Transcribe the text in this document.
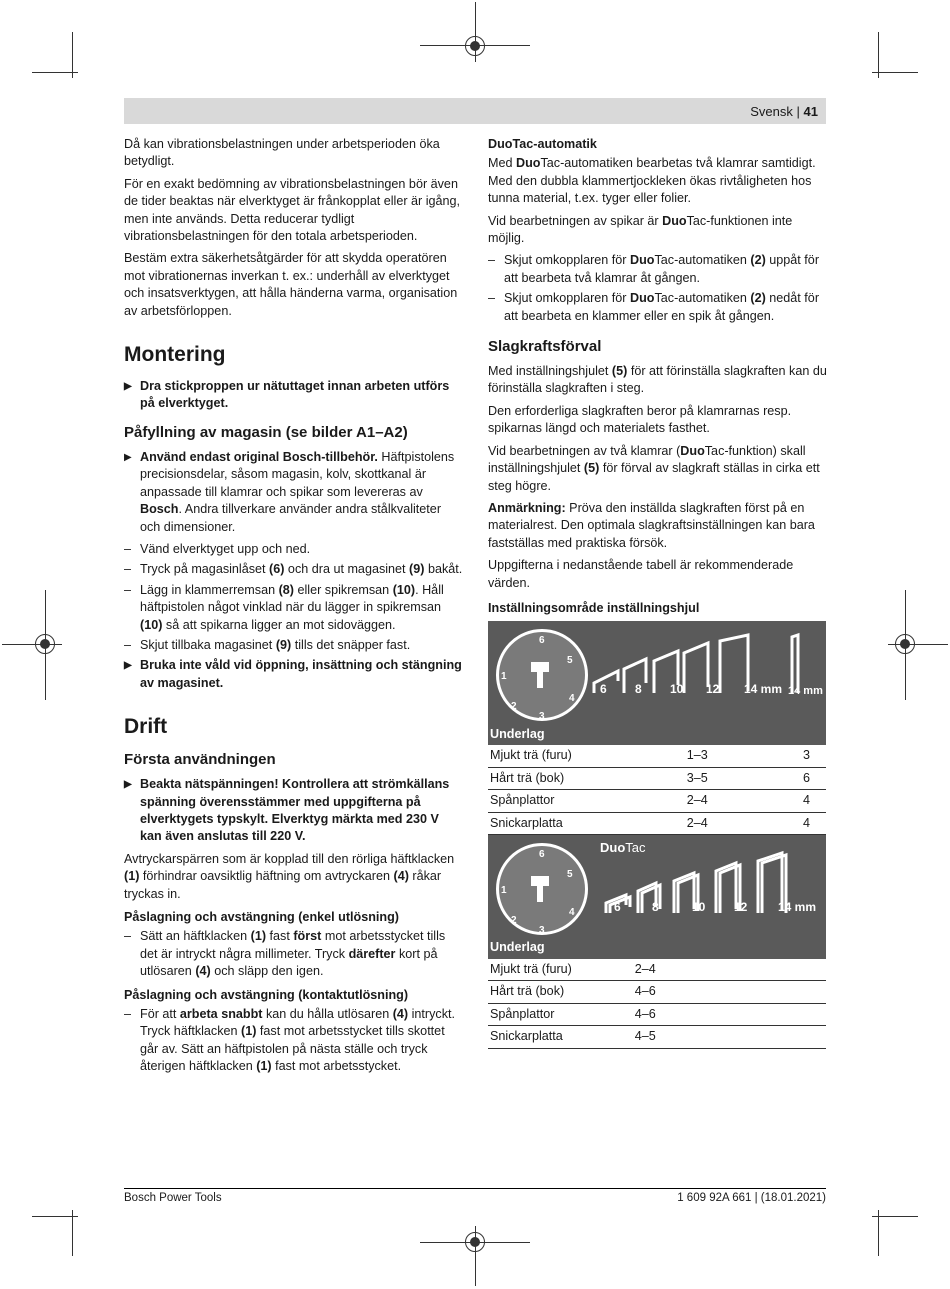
Svensk | 41

Då kan vibrationsbelastningen under arbetsperioden öka betydligt.

För en exakt bedömning av vibrationsbelastningen bör även de tider beaktas när elverktyget är frånkopplat eller är igång, men inte används. Detta reducerar tydligt vibrationsbelastningen för den totala arbetsperioden.

Bestäm extra säkerhetsåtgärder för att skydda operatören mot vibrationernas inverkan t. ex.: underhåll av elverktyget och insatsverktygen, att hålla händerna varma, organisation av arbetsförloppen.

Montering
▶ Dra stickproppen ur nätuttaget innan arbeten utförs på elverktyget.
Påfyllning av magasin (se bilder A1–A2)
▶ Använd endast original Bosch-tillbehör. Häftpistolens precisionsdelar, såsom magasin, kolv, skottkanal är anpassade till klamrar och spikar som levereras av Bosch. Andra tillverkare använder andra stålkvaliteter och dimensioner.
– Vänd elverktyget upp och ned.
– Tryck på magasinlåset (6) och dra ut magasinet (9) bakåt.
– Lägg in klammerremsan (8) eller spikremsan (10). Håll häftpistolen något vinklad när du lägger in spikremsan (10) så att spikarna ligger an mot sidoväggen.
– Skjut tillbaka magasinet (9) tills det snäpper fast.
▶ Bruka inte våld vid öppning, insättning och stängning av magasinet.
Drift
Första användningen
▶ Beakta nätspänningen! Kontrollera att strömkällans spänning överensstämmer med uppgifterna på elverktygets typskylt. Elverktyg märkta med 230 V kan även anslutas till 220 V.

Avtryckarspärren som är kopplad till den rörliga häftklacken (1) förhindrar oavsiktlig häftning om avtryckaren (4) råkar tryckas in.

Påslagning och avstängning (enkel utlösning)
– Sätt an häftklacken (1) fast först mot arbetsstycket tills det är intryckt några millimeter. Tryck därefter kort på utlösaren (4) och släpp den igen.
Påslagning och avstängning (kontaktutlösning)
– För att arbeta snabbt kan du hålla utlösaren (4) intryckt. Tryck häftklacken (1) fast mot arbetsstycket tills skottet går av. Sätt an häftpistolen på nästa ställe och tryck återigen häftklacken (1) fast mot arbetsstycket.
DuoTac-automatik

Med DuoTac-automatiken bearbetas två klamrar samtidigt. Med den dubbla klammertjockleken ökas rivtåligheten hos tunna material, t.ex. tyger eller folier.

Vid bearbetningen av spikar är DuoTac-funktionen inte möjlig.

– Skjut omkopplaren för DuoTac-automatiken (2) uppåt för att bearbeta två klamrar åt gången.
– Skjut omkopplaren för DuoTac-automatiken (2) nedåt för att bearbeta en klammer eller en spik åt gången.
Slagkraftsförval

Med inställningshjulet (5) för att förinställa slagkraften kan du förinställa slagkraften i steg.

Den erforderliga slagkraften beror på klamrarnas resp. spikarnas längd och materialets fasthet.

Vid bearbetningen av två klamrar (DuoTac-funktion) skall inställningshjulet (5) för förval av slagkraft ställas in cirka ett steg högre.

Anmärkning: Pröva den inställda slagkraften först på en materialrest. Den optimala slagkraftsinställningen kan bara fastställas med praktiska försök.

Uppgifterna i nedanstående tabell är rekommenderade värden.

Inställningsområde inställningshjul
1
2
3
4
5
6
6 8 10 12 14 mm 14 mm
Underlag		
Mjukt trä (furu)	1–3	3
Hårt trä (bok)	3–5	6
Spånplattor	2–4	4
Snickarplatta	2–4	4
1
2
3
4
5
6	DuoTac
6	8	10 12	14 mm
Underlag	
Mjukt trä (furu)	2–4
Hårt trä (bok)	4–6
Spånplattor	4–6
Snickarplatta	4–5
Bosch Power Tools	1 609 92A 661 | (18.01.2021)
